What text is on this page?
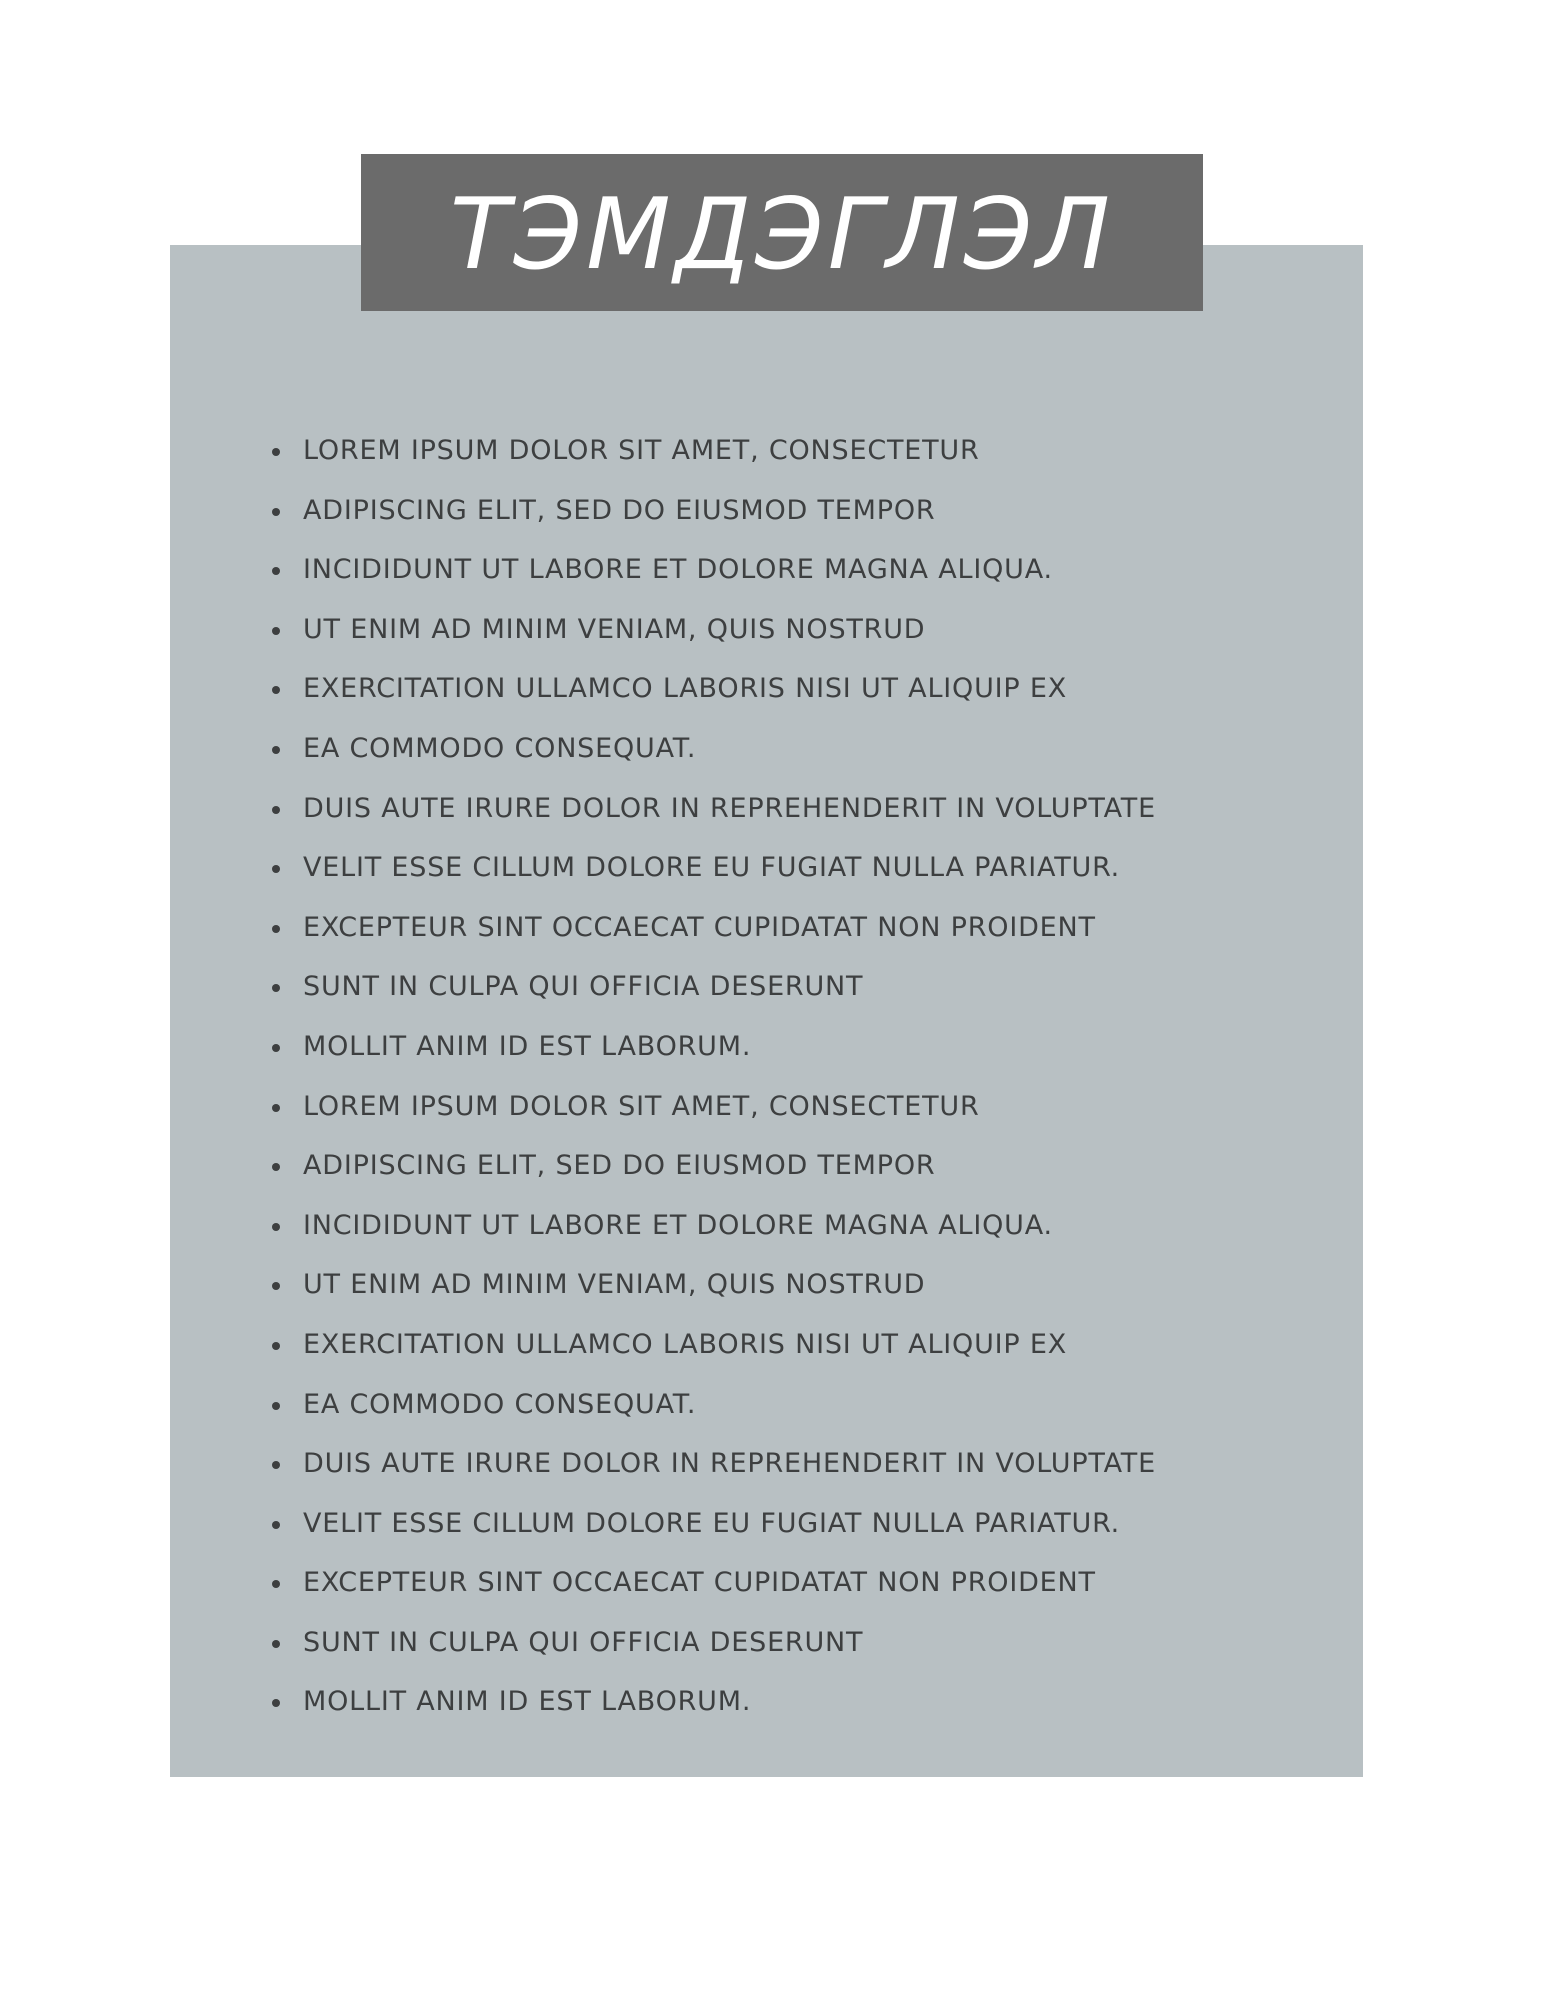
ТЭМДЭГЛЭЛ
LOREM IPSUM DOLOR SIT AMET, CONSECTETUR
ADIPISCING ELIT, SED DO EIUSMOD TEMPOR
INCIDIDUNT UT LABORE ET DOLORE MAGNA ALIQUA.
UT ENIM AD MINIM VENIAM, QUIS NOSTRUD
EXERCITATION ULLAMCO LABORIS NISI UT ALIQUIP EX
EA COMMODO CONSEQUAT.
DUIS AUTE IRURE DOLOR IN REPREHENDERIT IN VOLUPTATE
VELIT ESSE CILLUM DOLORE EU FUGIAT NULLA PARIATUR.
EXCEPTEUR SINT OCCAECAT CUPIDATAT NON PROIDENT
SUNT IN CULPA QUI OFFICIA DESERUNT
MOLLIT ANIM ID EST LABORUM.
LOREM IPSUM DOLOR SIT AMET, CONSECTETUR
ADIPISCING ELIT, SED DO EIUSMOD TEMPOR
INCIDIDUNT UT LABORE ET DOLORE MAGNA ALIQUA.
UT ENIM AD MINIM VENIAM, QUIS NOSTRUD
EXERCITATION ULLAMCO LABORIS NISI UT ALIQUIP EX
EA COMMODO CONSEQUAT.
DUIS AUTE IRURE DOLOR IN REPREHENDERIT IN VOLUPTATE
VELIT ESSE CILLUM DOLORE EU FUGIAT NULLA PARIATUR.
EXCEPTEUR SINT OCCAECAT CUPIDATAT NON PROIDENT
SUNT IN CULPA QUI OFFICIA DESERUNT
MOLLIT ANIM ID EST LABORUM.
